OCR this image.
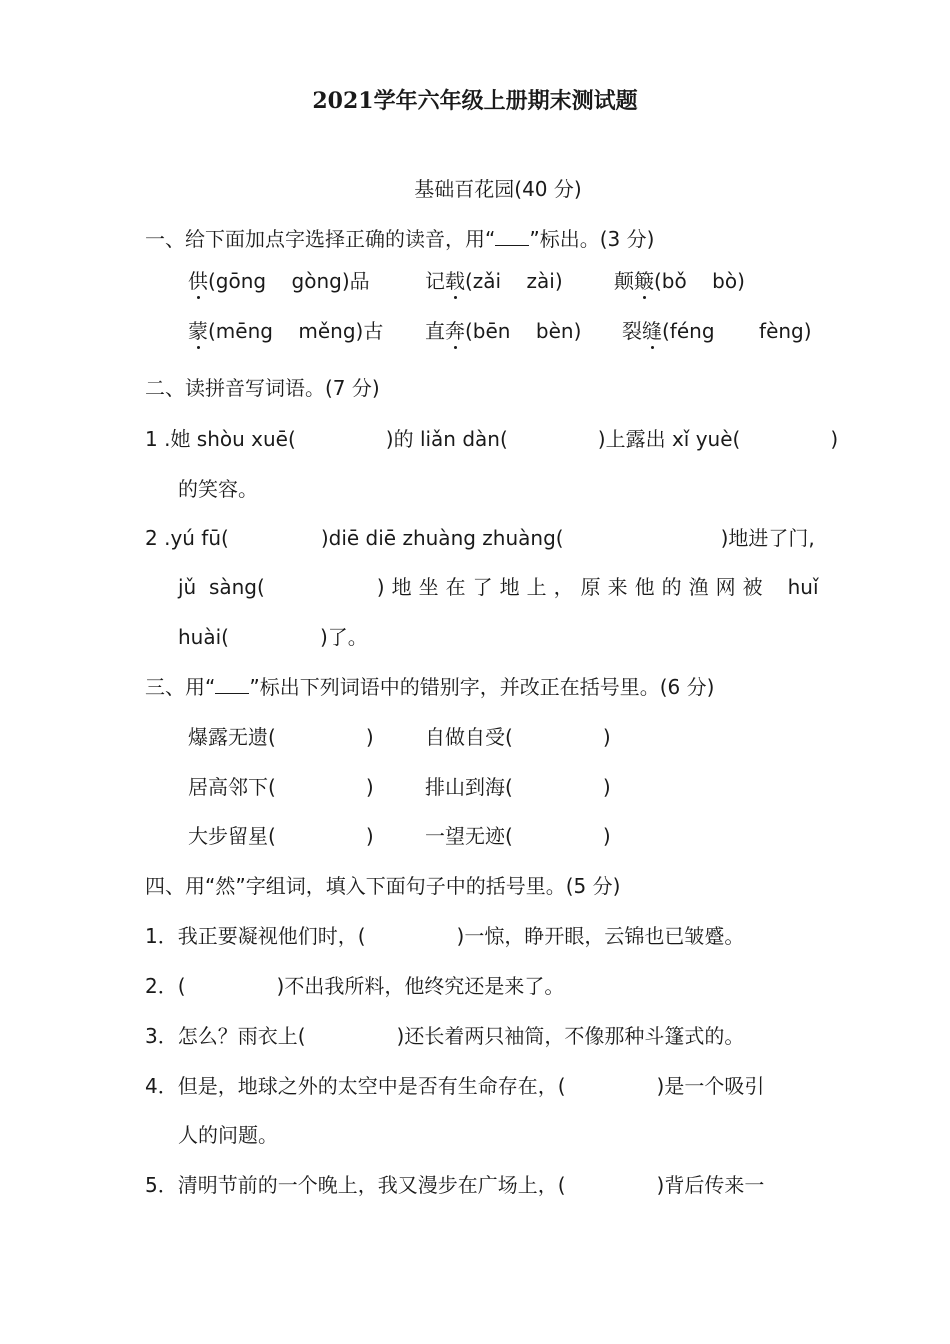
2021学年六年级上册期末测试题
基础百花园(40 分)
一、给下面加点字选择正确的读音，用“ ”标出。(3 分)
供(gōng    gòng)品	记载(zǎi    zài)	颠簸(bǒ    bò)
蒙(mēng    měng)古 直奔(bēn    bèn) 裂缝(féng       fèng)
二、读拼音写词语。(7 分)
1 .她 shòu xuē(	)的 liǎn dàn(	)上露出 xǐ yuè(	)
的笑容。
2 .yú fū(	)diē diē zhuàng zhuàng(	)地进了门,
jǔ  sàng(	)地坐在了地上，原来他的渔网被 huǐ
huài(	)了。
三、用“ ”标出下列词语中的错别字，并改正在括号里。(6 分)
爆露无遗(	)	自做自受(	)
居高邻下(	)	排山到海(	)
大步留星(	)	一望无迹(	)
四、用“然”字组词，填入下面句子中的括号里。(5 分)
1．我正要凝视他们时，(	)一惊，睁开眼，云锦也已皱蹙。
2．(	)不出我所料，他终究还是来了。
3．怎么？雨衣上(	)还长着两只袖筒，不像那种斗篷式的。
4．但是，地球之外的太空中是否有生命存在，(	)是一个吸引
人的问题。
5．清明节前的一个晚上，我又漫步在广场上，(	)背后传来一
